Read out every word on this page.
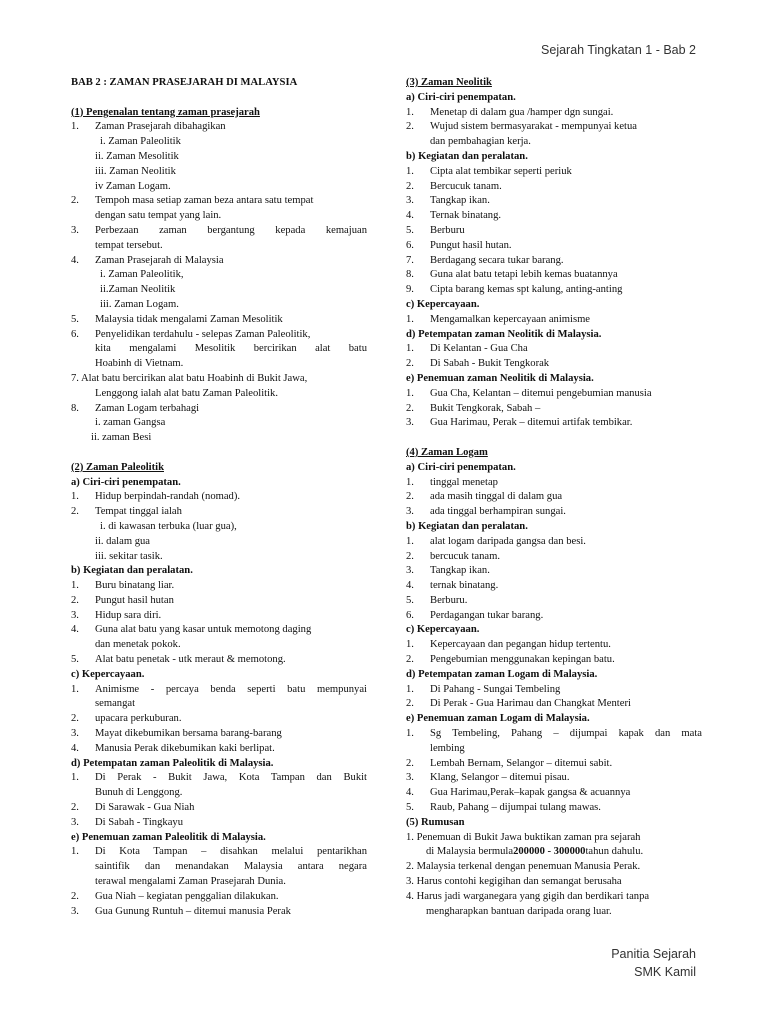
Sejarah Tingkatan 1 - Bab 2
BAB 2 : ZAMAN PRASEJARAH DI MALAYSIA
(1) Pengenalan tentang zaman prasejarah
1.	Zaman Prasejarah dibahagikan
i. Zaman Paleolitik
ii. Zaman Mesolitik
iii. Zaman Neolitik
iv Zaman Logam.
2.	Tempoh masa setiap zaman beza antara satu tempat
dengan satu tempat yang lain.
3.	Perbezaan zaman bergantung kepada kemajuan
tempat tersebut.
4.	Zaman Prasejarah di Malaysia
i. Zaman Paleolitik,
ii.Zaman Neolitik
iii. Zaman Logam.
5.	Malaysia tidak mengalami Zaman Mesolitik
6.	Penyelidikan terdahulu - selepas Zaman Paleolitik,
kita mengalami Mesolitik bercirikan alat batu
Hoabinh di Vietnam.
7. Alat batu bercirikan alat batu Hoabinh di Bukit Jawa,
Lenggong ialah alat batu Zaman Paleolitik.
8.	Zaman Logam terbahagi
i. zaman Gangsa
ii. zaman Besi
(2) Zaman Paleolitik
a) Ciri-ciri penempatan.
1.	Hidup berpindah-randah (nomad).
2.	Tempat tinggal ialah
i. di kawasan terbuka (luar gua),
ii. dalam gua
iii. sekitar tasik.
b) Kegiatan dan peralatan.
1.	Buru binatang liar.
2.	Pungut hasil hutan
3.	Hidup sara diri.
4.	Guna alat batu yang kasar untuk memotong daging
dan menetak pokok.
5.	Alat batu penetak - utk meraut & memotong.
c) Kepercayaan.
1.	Animisme - percaya benda seperti batu mempunyai
semangat
2.	upacara perkuburan.
3.	Mayat dikebumikan bersama barang-barang
4.	Manusia Perak dikebumikan kaki berlipat.
d) Petempatan zaman Paleolitik di Malaysia.
1.	Di Perak - Bukit Jawa, Kota Tampan dan Bukit
Bunuh di Lenggong.
2.	Di Sarawak - Gua Niah
3.	Di Sabah - Tingkayu
e) Penemuan zaman Paleolitik di Malaysia.
1.	Di Kota Tampan – disahkan melalui pentarikhan
saintifik dan menandakan Malaysia antara negara
terawal mengalami Zaman Prasejarah Dunia.
2.	Gua Niah – kegiatan penggalian dilakukan.
3.	Gua Gunung Runtuh – ditemui manusia Perak
(3) Zaman Neolitik
a) Ciri-ciri penempatan.
1.	Menetap di dalam gua /hamper dgn sungai.
2.	Wujud sistem bermasyarakat - mempunyai ketua
dan pembahagian kerja.
b) Kegiatan dan peralatan.
1.	Cipta alat tembikar seperti periuk
2.	Bercucuk tanam.
3.	Tangkap ikan.
4.	Ternak binatang.
5.	Berburu
6.	Pungut hasil hutan.
7.	Berdagang secara tukar barang.
8.	Guna alat batu tetapi lebih kemas buatannya
9.	Cipta barang kemas spt kalung, anting-anting
c) Kepercayaan.
1.	Mengamalkan kepercayaan animisme
d) Petempatan zaman Neolitik di Malaysia.
1.	Di Kelantan - Gua Cha
2.	Di Sabah - Bukit Tengkorak
e) Penemuan zaman Neolitik di Malaysia.
1.	Gua Cha, Kelantan – ditemui pengebumian manusia
2.	Bukit Tengkorak, Sabah –
3.	Gua Harimau, Perak – ditemui artifak tembikar.
(4) Zaman Logam
a) Ciri-ciri penempatan.
1.	tinggal menetap
2.	ada masih tinggal di dalam gua
3.	ada tinggal berhampiran sungai.
b) Kegiatan dan peralatan.
1.	alat logam daripada gangsa dan besi.
2.	bercucuk tanam.
3.	Tangkap ikan.
4.	ternak binatang.
5.	Berburu.
6.	Perdagangan tukar barang.
c) Kepercayaan.
1.	Kepercayaan dan pegangan hidup tertentu.
2.	Pengebumian menggunakan kepingan batu.
d) Petempatan zaman Logam di Malaysia.
1.	Di Pahang - Sungai Tembeling
2.	Di Perak - Gua Harimau dan Changkat Menteri
e) Penemuan zaman Logam di Malaysia.
1.	Sg Tembeling, Pahang – dijumpai kapak dan mata
lembing
2.	Lembah Bernam, Selangor – ditemui sabit.
3.	Klang, Selangor – ditemui pisau.
4.	Gua Harimau,Perak–kapak gangsa & acuannya
5.	Raub, Pahang – dijumpai tulang mawas.
(5) Rumusan
1. Penemuan di Bukit Jawa buktikan zaman pra sejarah
di Malaysia bermula 200000 - 300000 tahun dahulu.
2. Malaysia terkenal dengan penemuan Manusia Perak.
3. Harus contohi kegigihan dan semangat berusaha
4. Harus jadi warganegara yang gigih dan berdikari tanpa
mengharapkan bantuan daripada orang luar.
Panitia Sejarah
SMK Kamil
